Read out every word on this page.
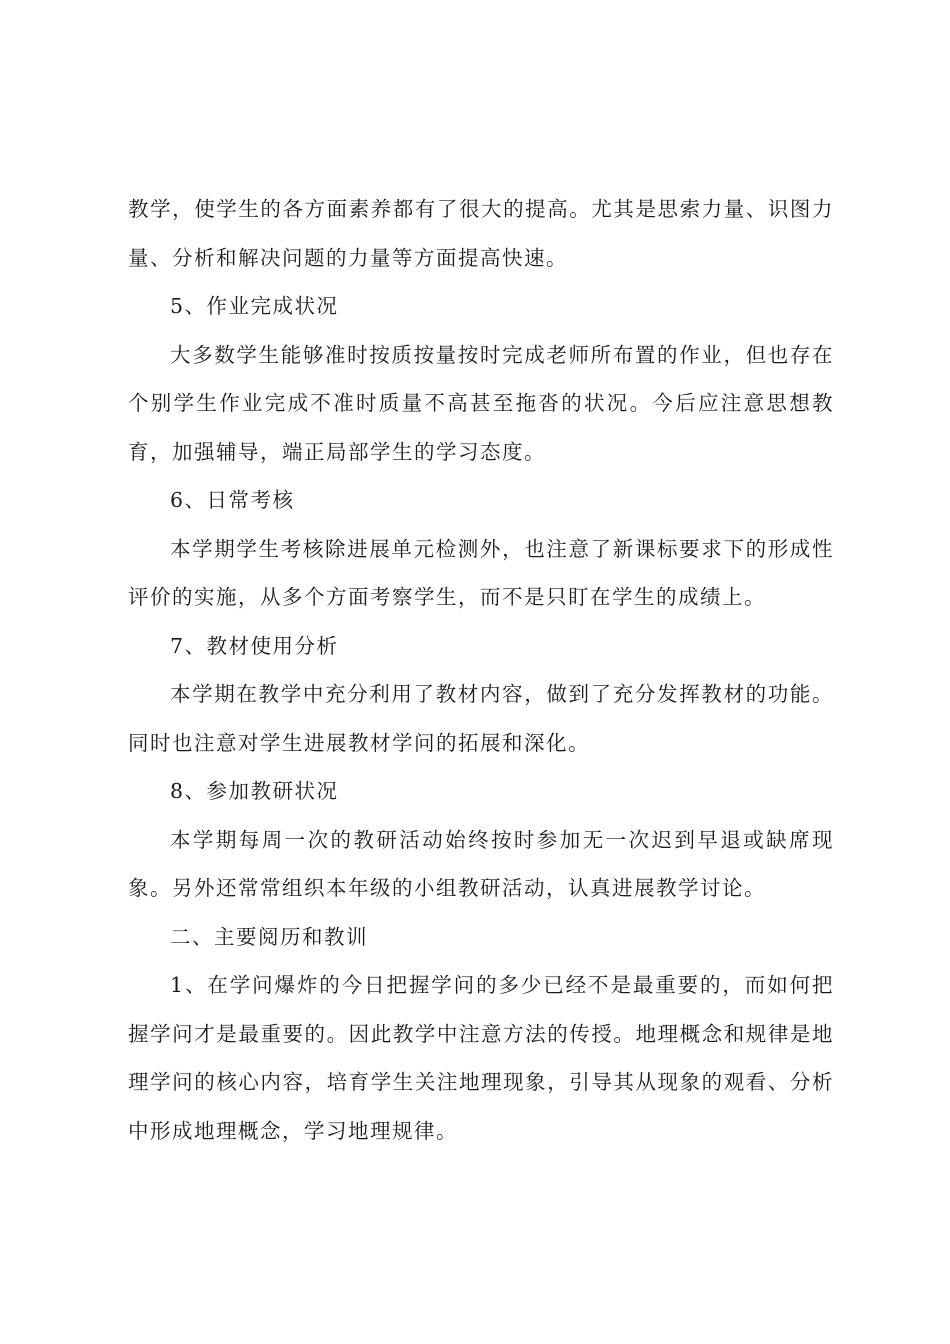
教学，使学生的各方面素养都有了很大的提高。尤其是思索力量、识图力量、分析和解决问题的力量等方面提高快速。

5、作业完成状况

大多数学生能够准时按质按量按时完成老师所布置的作业，但也存在个别学生作业完成不准时质量不高甚至拖沓的状况。今后应注意思想教育，加强辅导，端正局部学生的学习态度。

6、日常考核

本学期学生考核除进展单元检测外，也注意了新课标要求下的形成性评价的实施，从多个方面考察学生，而不是只盯在学生的成绩上。

7、教材使用分析

本学期在教学中充分利用了教材内容，做到了充分发挥教材的功能。同时也注意对学生进展教材学问的拓展和深化。

8、参加教研状况

本学期每周一次的教研活动始终按时参加无一次迟到早退或缺席现象。另外还常常组织本年级的小组教研活动，认真进展教学讨论。

二、主要阅历和教训

1、在学问爆炸的今日把握学问的多少已经不是最重要的，而如何把握学问才是最重要的。因此教学中注意方法的传授。地理概念和规律是地理学问的核心内容，培育学生关注地理现象，引导其从现象的观看、分析中形成地理概念，学习地理规律。
